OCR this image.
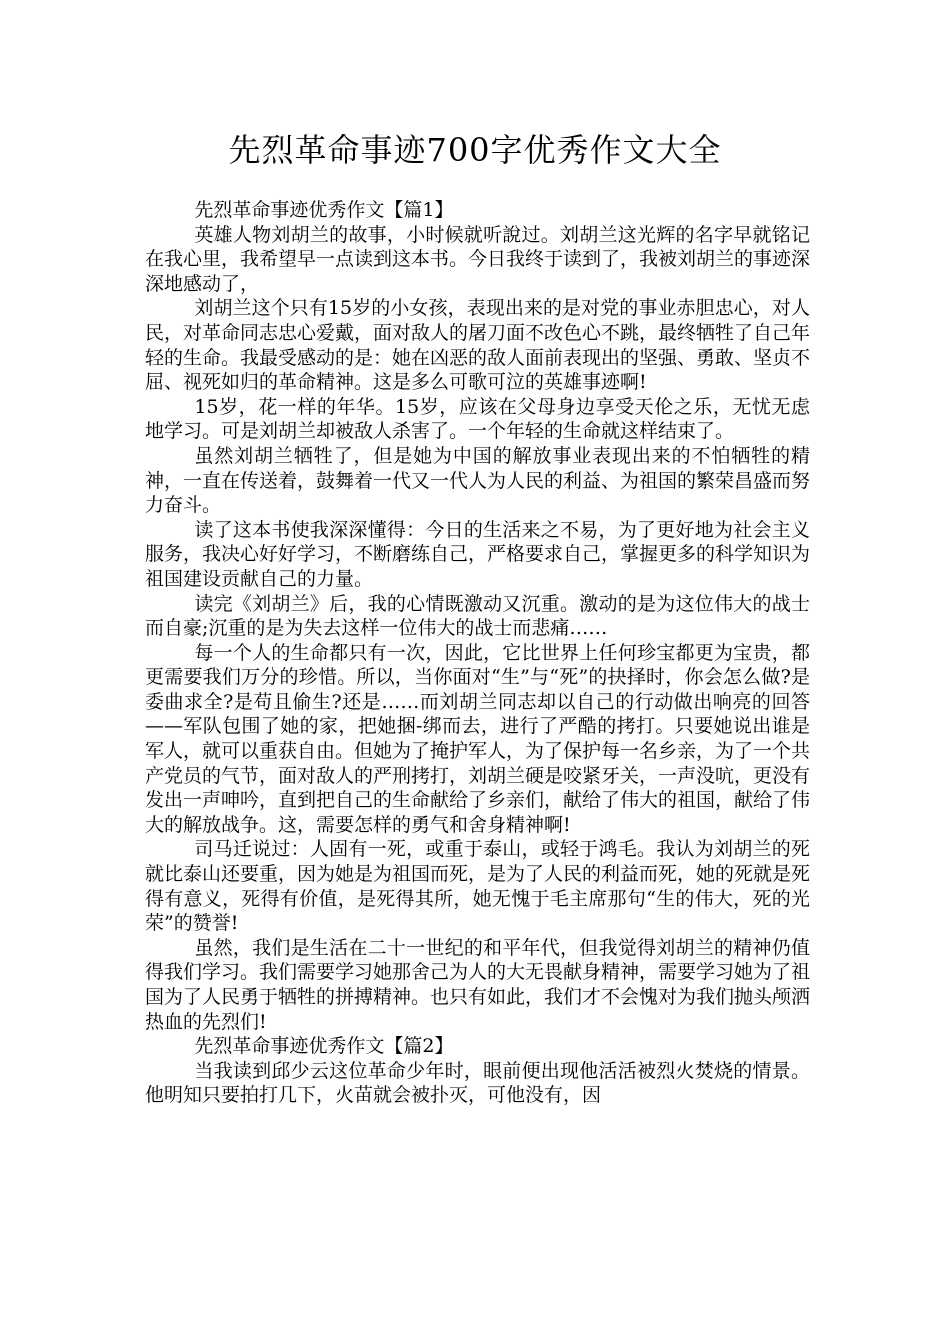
先烈革命事迹700字优秀作文大全

先烈革命事迹优秀作文【篇1】

英雄人物刘胡兰的故事，小时候就听說过。刘胡兰这光辉的名字早就铭记在我心里，我希望早一点读到这本书。今日我终于读到了，我被刘胡兰的事迹深深地感动了，

刘胡兰这个只有15岁的小女孩，表现出来的是对党的事业赤胆忠心，对人民，对革命同志忠心爱戴，面对敌人的屠刀面不改色心不跳，最终牺牲了自己年轻的生命。我最受感动的是：她在凶恶的敌人面前表现出的坚强、勇敢、坚贞不屈、视死如归的革命精神。这是多么可歌可泣的英雄事迹啊!

15岁，花一样的年华。15岁，应该在父母身边享受天伦之乐，无忧无虑地学习。可是刘胡兰却被敌人杀害了。一个年轻的生命就这样结束了。

虽然刘胡兰牺牲了，但是她为中国的解放事业表现出来的不怕牺牲的精神，一直在传送着，鼓舞着一代又一代人为人民的利益、为祖国的繁荣昌盛而努力奋斗。

读了这本书使我深深懂得：今日的生活来之不易，为了更好地为社会主义服务，我决心好好学习，不断磨练自己，严格要求自己，掌握更多的科学知识为祖国建设贡献自己的力量。

读完《刘胡兰》后，我的心情既激动又沉重。激动的是为这位伟大的战士而自豪;沉重的是为失去这样一位伟大的战士而悲痛……

每一个人的生命都只有一次，因此，它比世界上任何珍宝都更为宝贵，都更需要我们万分的珍惜。所以，当你面对“生”与“死”的抉择时，你会怎么做?是委曲求全?是苟且偷生?还是……而刘胡兰同志却以自己的行动做出响亮的回答——军队包围了她的家，把她捆-绑而去，进行了严酷的拷打。只要她说出谁是军人，就可以重获自由。但她为了掩护军人，为了保护每一名乡亲，为了一个共产党员的气节，面对敌人的严刑拷打，刘胡兰硬是咬紧牙关，一声没吭，更没有发出一声呻吟，直到把自己的生命献给了乡亲们，献给了伟大的祖国，献给了伟大的解放战争。这，需要怎样的勇气和舍身精神啊!

司马迁说过：人固有一死，或重于泰山，或轻于鸿毛。我认为刘胡兰的死就比泰山还要重，因为她是为祖国而死，是为了人民的利益而死，她的死就是死得有意义，死得有价值，是死得其所，她无愧于毛主席那句“生的伟大，死的光荣”的赞誉!

虽然，我们是生活在二十一世纪的和平年代，但我觉得刘胡兰的精神仍值得我们学习。我们需要学习她那舍己为人的大无畏献身精神，需要学习她为了祖国为了人民勇于牺牲的拼搏精神。也只有如此，我们才不会愧对为我们抛头颅洒热血的先烈们!

先烈革命事迹优秀作文【篇2】

当我读到邱少云这位革命少年时，眼前便出现他活活被烈火焚烧的情景。他明知只要拍打几下，火苗就会被扑灭，可他没有，因
